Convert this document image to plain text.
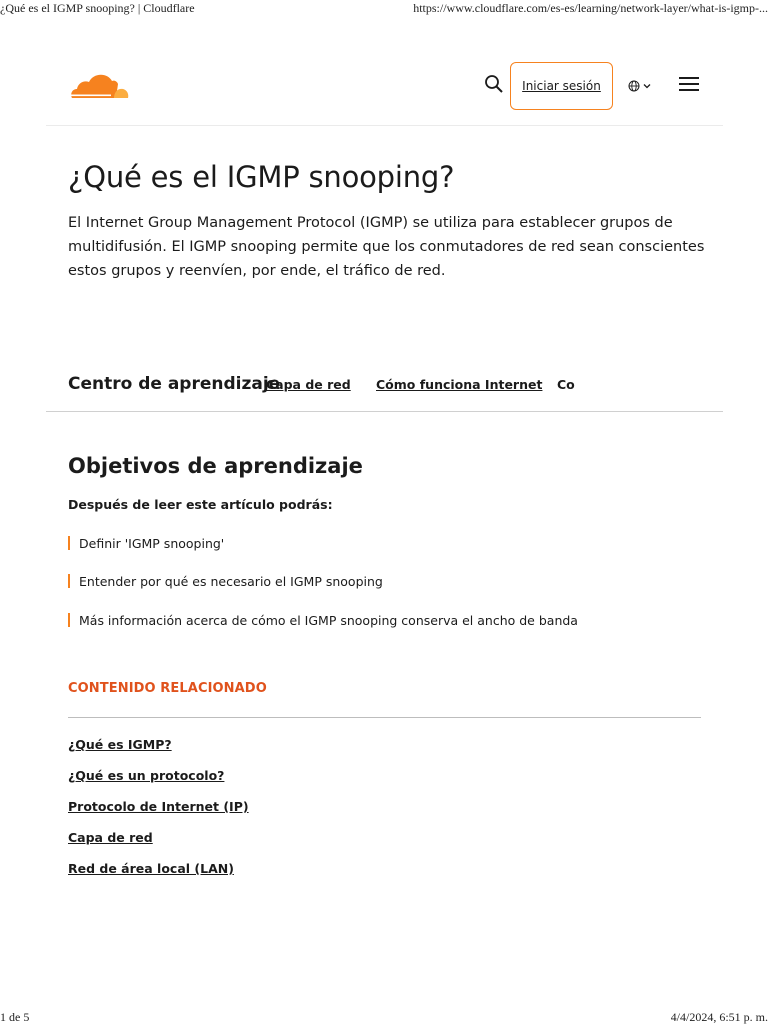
¿Qué es el IGMP snooping? | Cloudflare	https://www.cloudflare.com/es-es/learning/network-layer/what-is-igmp-...
Iniciar sesión
¿Qué es el IGMP snooping?

El Internet Group Management Protocol (IGMP) se utiliza para establecer grupos de multidifusión. El IGMP snooping permite que los conmutadores de red sean conscientes estos grupos y reenvíen, por ende, el tráfico de red.

Centro de aprendizaje
Capa de red Cómo funciona Internet Co
Objetivos de aprendizaje

Después de leer este artículo podrás:

Definir 'IGMP snooping'
Entender por qué es necesario el IGMP snooping
Más información acerca de cómo el IGMP snooping conserva el ancho de banda
CONTENIDO RELACIONADO
¿Qué es IGMP?
¿Qué es un protocolo?
Protocolo de Internet (IP)
Capa de red
Red de área local (LAN)
1 de 5	4/4/2024, 6:51 p. m.
